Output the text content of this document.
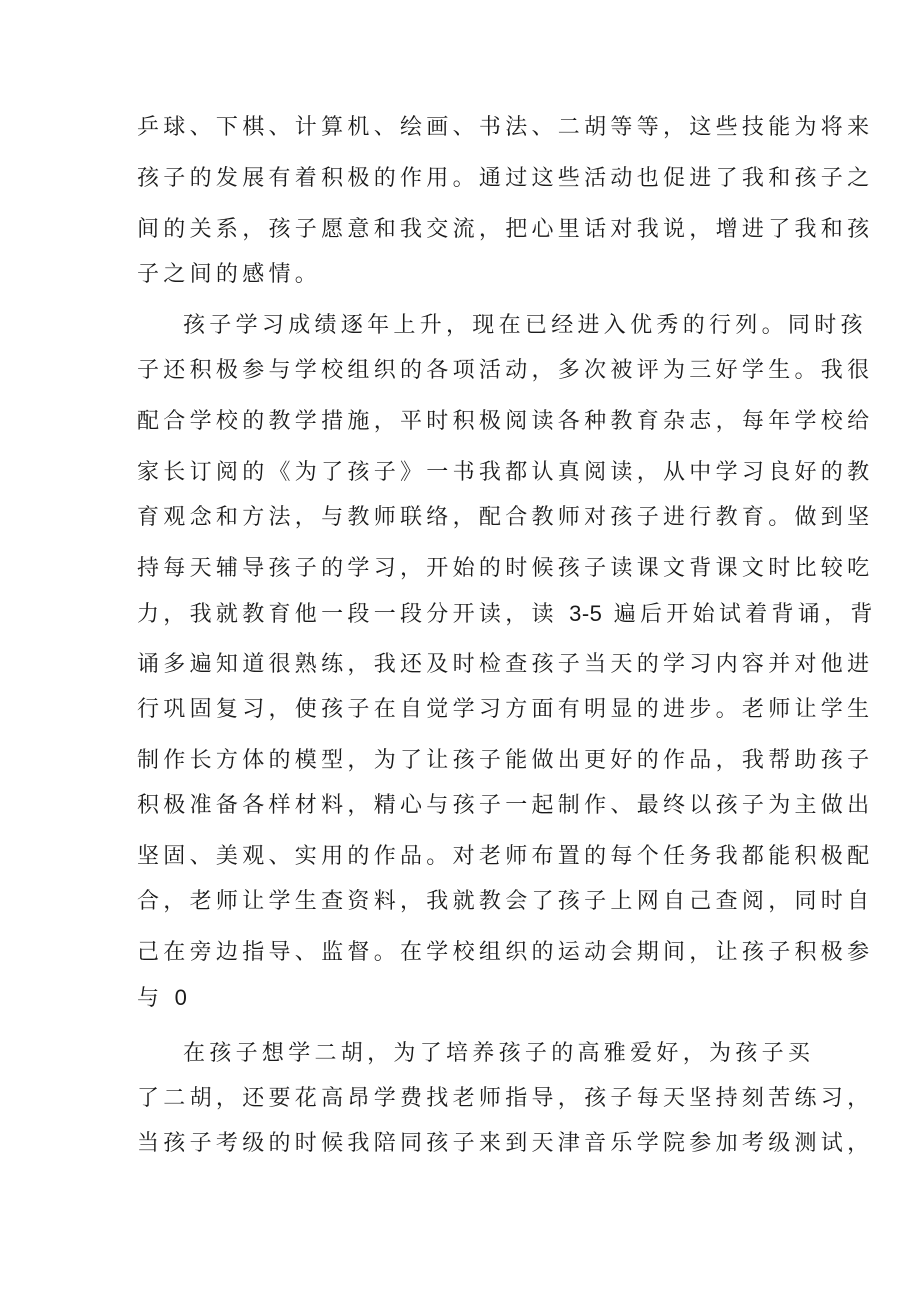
乒球、下棋、计算机、绘画、书法、二胡等等，这些技能为将来
孩子的发展有着积极的作用。通过这些活动也促进了我和孩子之
间的关系，孩子愿意和我交流，把心里话对我说，增进了我和孩
子之间的感情。
孩子学习成绩逐年上升，现在已经进入优秀的行列。同时孩
子还积极参与学校组织的各项活动，多次被评为三好学生。我很
配合学校的教学措施，平时积极阅读各种教育杂志，每年学校给
家长订阅的《为了孩子》一书我都认真阅读，从中学习良好的教
育观念和方法，与教师联络，配合教师对孩子进行教育。做到坚
持每天辅导孩子的学习，开始的时候孩子读课文背课文时比较吃
力，我就教育他一段一段分开读，读 3-5 遍后开始试着背诵，背
诵多遍知道很熟练，我还及时检查孩子当天的学习内容并对他进
行巩固复习，使孩子在自觉学习方面有明显的进步。老师让学生
制作长方体的模型，为了让孩子能做出更好的作品，我帮助孩子
积极准备各样材料，精心与孩子一起制作、最终以孩子为主做出
坚固、美观、实用的作品。对老师布置的每个任务我都能积极配
合，老师让学生查资料，我就教会了孩子上网自己查阅，同时自
己在旁边指导、监督。在学校组织的运动会期间，让孩子积极参
与 0
在孩子想学二胡，为了培养孩子的高雅爱好，为孩子买
了二胡，还要花高昂学费找老师指导，孩子每天坚持刻苦练习，
当孩子考级的时候我陪同孩子来到天津音乐学院参加考级测试，
